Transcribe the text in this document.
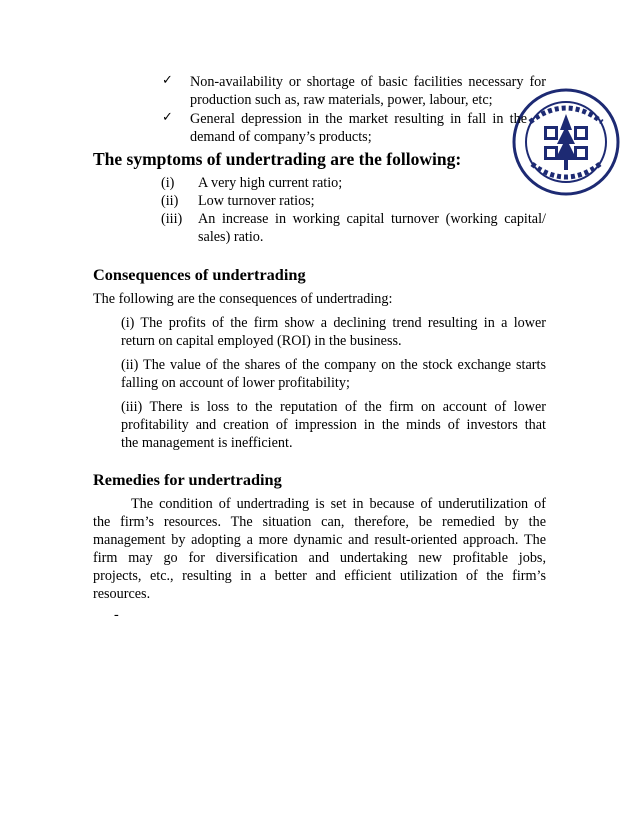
✓ Non-availability or shortage of basic facilities necessary for
production such as, raw materials, power, labour, etc;
✓ General depression in the market resulting in fall in the
demand of company’s products;
The symptoms of undertrading are the following:
(i) A very high current ratio;
(ii) Low turnover ratios;
(iii) An increase in working capital turnover (working capital/
sales) ratio.
Consequences of undertrading
The following are the consequences of undertrading:
(i) The profits of the firm show a declining trend resulting in a lower
return on capital employed (ROI) in the business.
(ii) The value of the shares of the company on the stock exchange starts
falling on account of lower profitability;
(iii) There is loss to the reputation of the firm on account of lower
profitability and creation of impression in the minds of investors that
the management is inefficient.
Remedies for undertrading
The condition of undertrading is set in because of underutilization of
the firm’s resources. The situation can, therefore, be remedied by the
management by adopting a more dynamic and result-oriented approach. The
firm may go for diversification and undertaking new profitable jobs,
projects, etc., resulting in a better and efficient utilization of the firm’s
resources.
-
